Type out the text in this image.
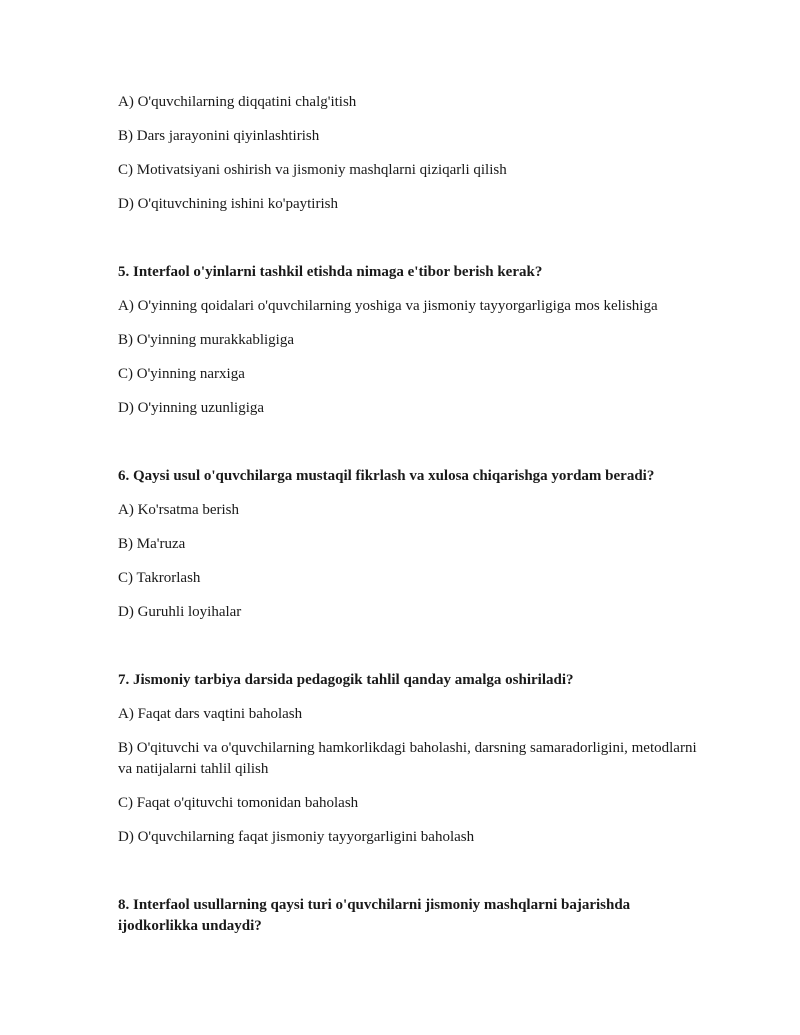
A) O'quvchilarning diqqatini chalg'itish
B) Dars jarayonini qiyinlashtirish
C) Motivatsiyani oshirish va jismoniy mashqlarni qiziqarli qilish
D) O'qituvchining ishini ko'paytirish
5. Interfaol o'yinlarni tashkil etishda nimaga e'tibor berish kerak?
A) O'yinning qoidalari o'quvchilarning yoshiga va jismoniy tayyorgarligiga mos kelishiga
B) O'yinning murakkabligiga
C) O'yinning narxiga
D) O'yinning uzunligiga
6. Qaysi usul o'quvchilarga mustaqil fikrlash va xulosa chiqarishga yordam beradi?
A) Ko'rsatma berish
B) Ma'ruza
C) Takrorlash
D) Guruhli loyihalar
7. Jismoniy tarbiya darsida pedagogik tahlil qanday amalga oshiriladi?
A) Faqat dars vaqtini baholash
B) O'qituvchi va o'quvchilarning hamkorlikdagi baholashi, darsning samaradorligini, metodlarni va natijalarni tahlil qilish
C) Faqat o'qituvchi tomonidan baholash
D) O'quvchilarning faqat jismoniy tayyorgarligini baholash
8. Interfaol usullarning qaysi turi o'quvchilarni jismoniy mashqlarni bajarishda ijodkorlikka undaydi?
